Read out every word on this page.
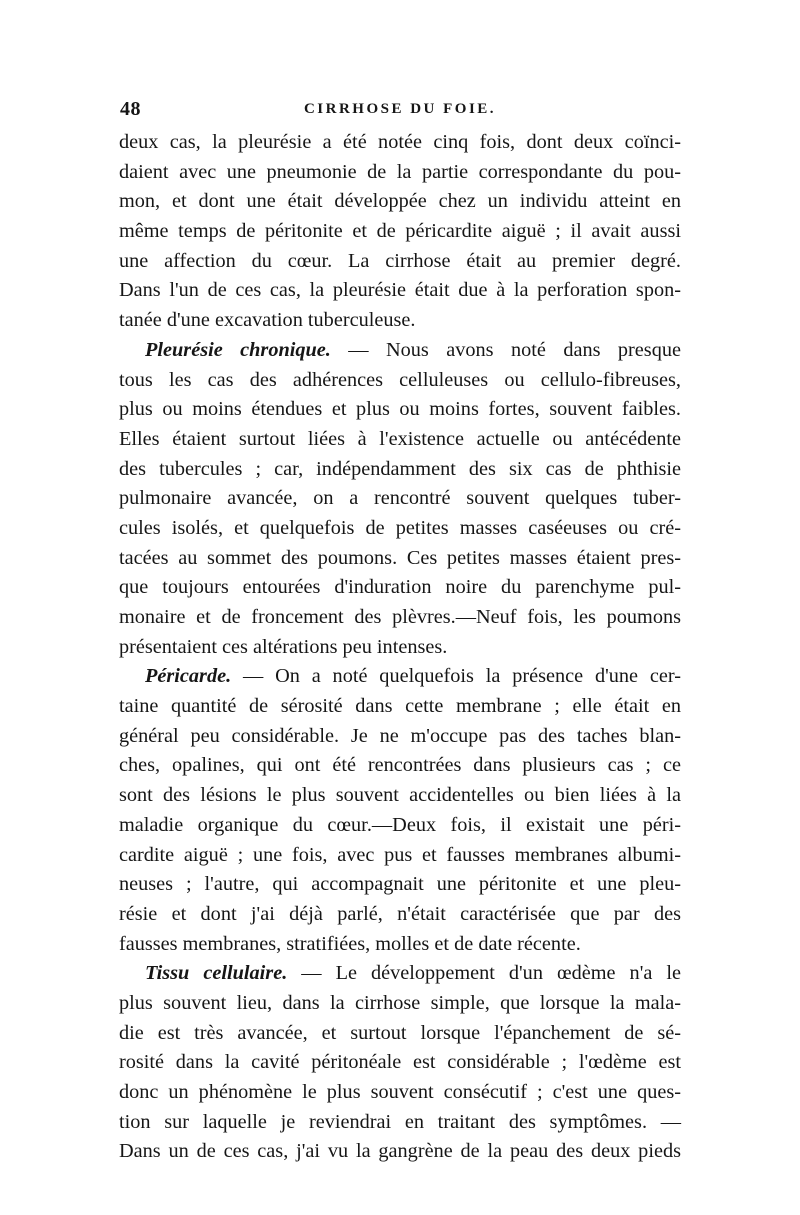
48	CIRRHOSE DU FOIE.
deux cas, la pleurésie a été notée cinq fois, dont deux coïnci-
daient avec une pneumonie de la partie correspondante du pou-
mon, et dont une était développée chez un individu atteint en
même temps de péritonite et de péricardite aiguë ; il avait aussi
une affection du cœur. La cirrhose était au premier degré.
Dans l'un de ces cas, la pleurésie était due à la perforation spon-
tanée d'une excavation tuberculeuse.
Pleurésie chronique. — Nous avons noté dans presque
tous les cas des adhérences celluleuses ou cellulo-fibreuses,
plus ou moins étendues et plus ou moins fortes, souvent faibles.
Elles étaient surtout liées à l'existence actuelle ou antécédente
des tubercules ; car, indépendamment des six cas de phthisie
pulmonaire avancée, on a rencontré souvent quelques tuber-
cules isolés, et quelquefois de petites masses caséeuses ou cré-
tacées au sommet des poumons. Ces petites masses étaient pres-
que toujours entourées d'induration noire du parenchyme pul-
monaire et de froncement des plèvres.—Neuf fois, les poumons
présentaient ces altérations peu intenses.
Péricarde. — On a noté quelquefois la présence d'une cer-
taine quantité de sérosité dans cette membrane ; elle était en
général peu considérable. Je ne m'occupe pas des taches blan-
ches, opalines, qui ont été rencontrées dans plusieurs cas ; ce
sont des lésions le plus souvent accidentelles ou bien liées à la
maladie organique du cœur.—Deux fois, il existait une péri-
cardite aiguë ; une fois, avec pus et fausses membranes albumi-
neuses ; l'autre, qui accompagnait une péritonite et une pleu-
résie et dont j'ai déjà parlé, n'était caractérisée que par des
fausses membranes, stratifiées, molles et de date récente.
Tissu cellulaire. — Le développement d'un œdème n'a le
plus souvent lieu, dans la cirrhose simple, que lorsque la mala-
die est très avancée, et surtout lorsque l'épanchement de sé-
rosité dans la cavité péritonéale est considérable ; l'œdème est
donc un phénomène le plus souvent consécutif ; c'est une ques-
tion sur laquelle je reviendrai en traitant des symptômes. —
Dans un de ces cas, j'ai vu la gangrène de la peau des deux pieds
